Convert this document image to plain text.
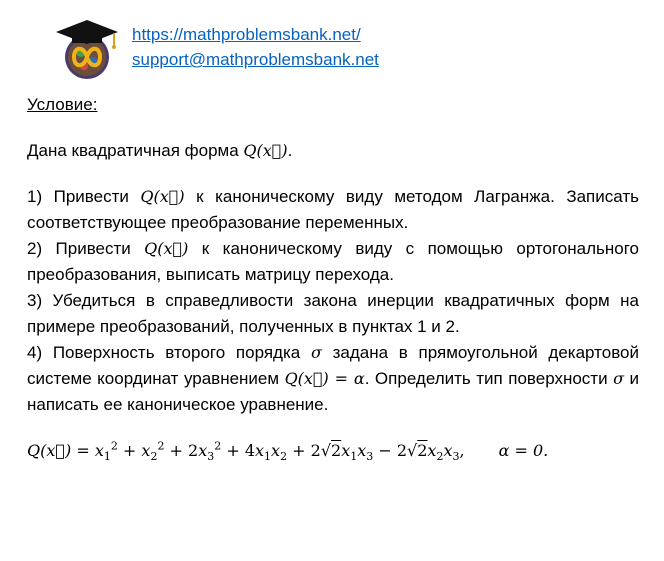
https://mathproblemsbank.net/
support@mathproblemsbank.net

Условие:

Дана квадратичная форма Q(x⃗).

1) Привести Q(x⃗) к каноническому виду методом Лагранжа. Записать соответствующее преобразование переменных.

2) Привести Q(x⃗) к каноническому виду с помощью ортогонального преобразования, выписать матрицу перехода.

3) Убедиться в справедливости закона инерции квадратичных форм на примере преобразований, полученных в пунктах 1 и 2.

4) Поверхность второго порядка σ задана в прямоугольной декартовой системе координат уравнением Q(x⃗) = α. Определить тип поверхности σ и написать ее каноническое уравнение.

Q(x⃗) = $x_1^2 + x_2^2 + 2x_3^2 + 4x_1x_2 + 2√2x_1x_3 - 2√2x_2x_3$, α = 0.
